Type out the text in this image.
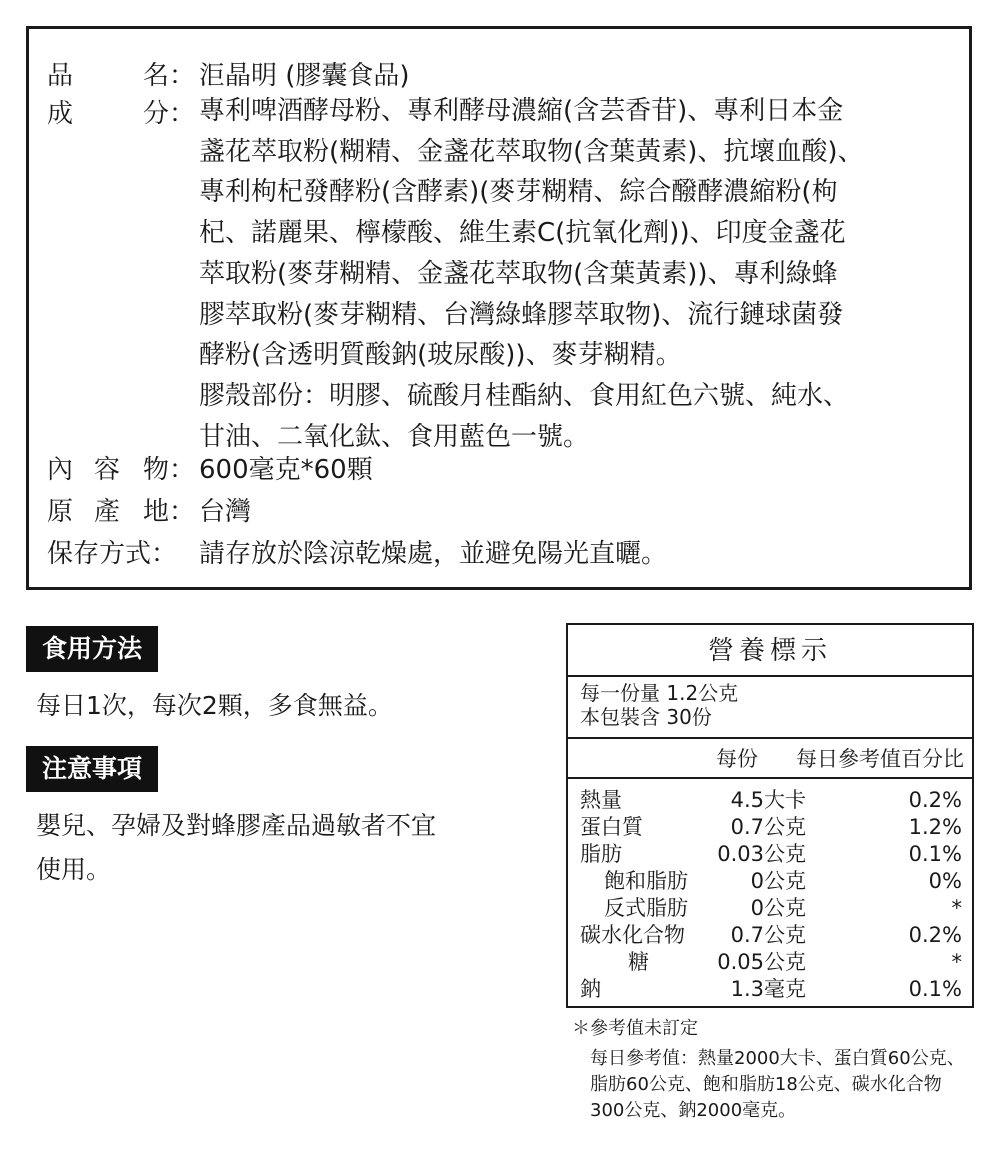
品	名： 洰晶明 (膠囊食品)
成	分： 專利啤酒酵母粉、專利酵母濃縮(含芸香苷)、專利日本金

盞花萃取粉(糊精、金盞花萃取物(含葉黃素)、抗壞血酸)、

專利枸杞發酵粉(含酵素)(麥芽糊精、綜合醱酵濃縮粉(枸

杞、諾麗果、檸檬酸、維生素C(抗氧化劑))、印度金盞花

萃取粉(麥芽糊精、金盞花萃取物(含葉黃素))、專利綠蜂

膠萃取粉(麥芽糊精、台灣綠蜂膠萃取物)、流行鏈球菌發

酵粉(含透明質酸鈉(玻尿酸))、麥芽糊精。

膠殼部份：明膠、硫酸月桂酯納、食用紅色六號、純水、

甘油、二氧化鈦、食用藍色一號。

內 容 物： 600毫克*60顆
原 產 地： 台灣
保存方式： 請存放於陰涼乾燥處，並避免陽光直曬。
食用方法
每日1次，每次2顆，多食無益。
注意事項
嬰兒、孕婦及對蜂膠產品過敏者不宜
使用。
營養標示
每一份量 1.2公克
本包裝含 30份
每份 每日參考值百分比
熱量	4.5大卡	0.2%
蛋白質	0.7公克	1.2%
脂肪	0.03公克	0.1%
飽和脂肪	0公克	0%
反式脂肪	0公克	*
碳水化合物 0.7公克	0.2%
糖	0.05公克	*
鈉	1.3毫克	0.1%
＊參考值未訂定
每日參考值：熱量2000大卡、蛋白質60公克、
脂肪60公克、飽和脂肪18公克、碳水化合物
300公克、鈉2000毫克。
